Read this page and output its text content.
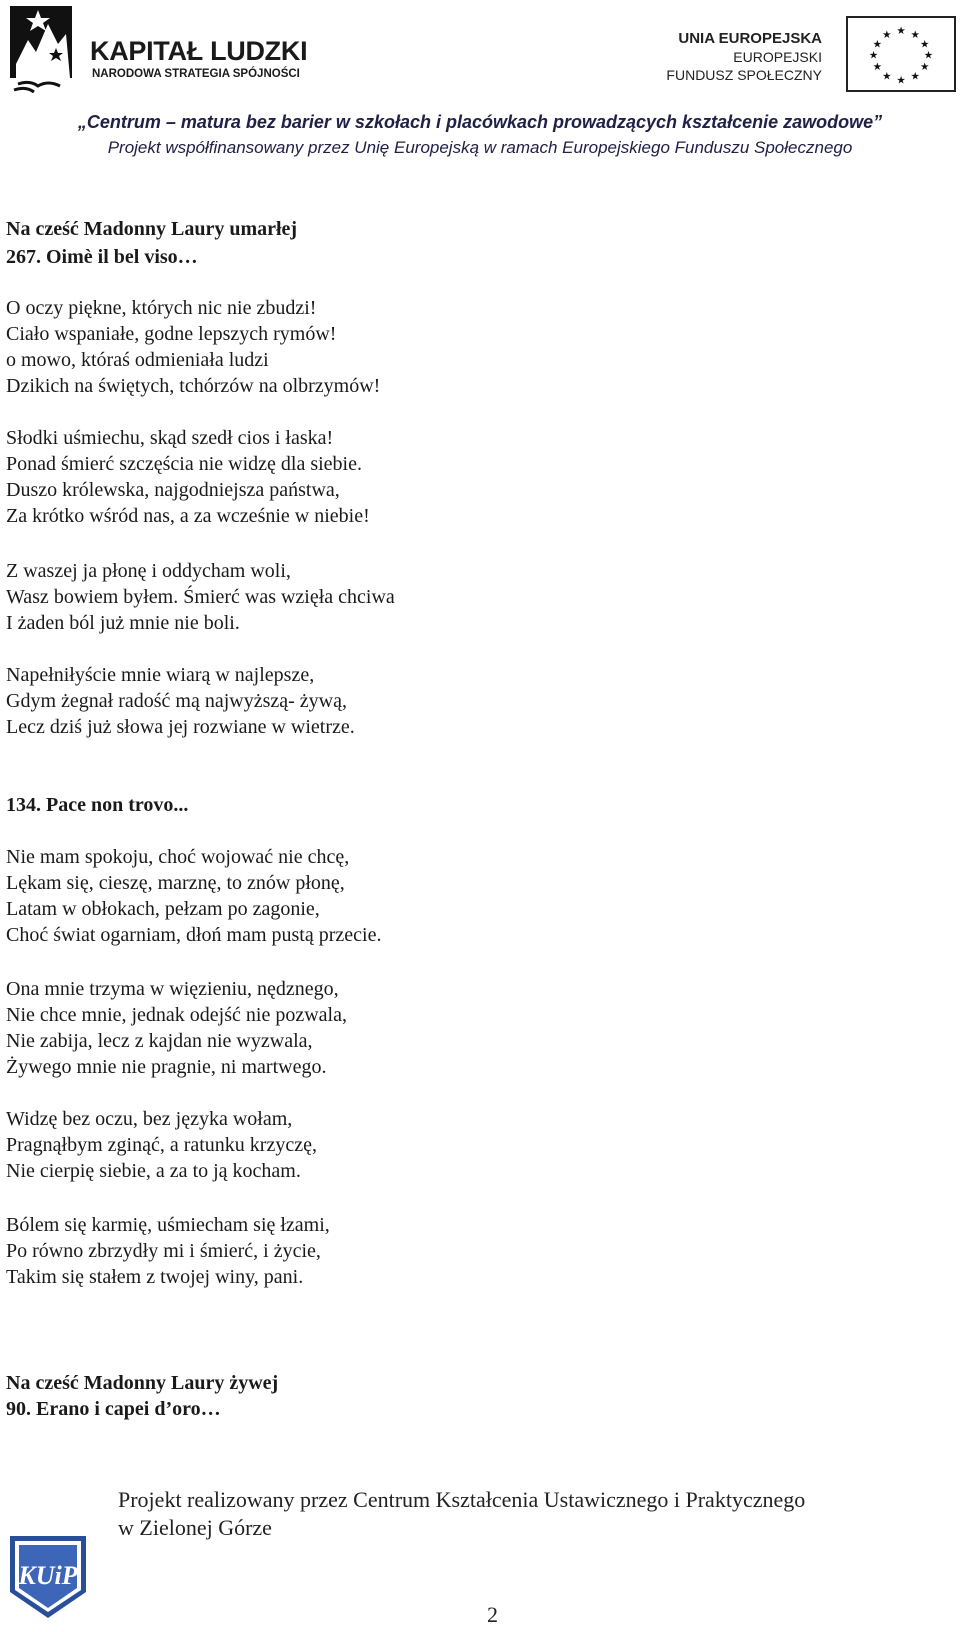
KAPITAŁ LUDZKI
NARODOWA STRATEGIA SPÓJNOŚCI
UNIA EUROPEJSKA
EUROPEJSKI
FUNDUSZ SPOŁECZNY
★ ★
★
★
★
★
★
★
★
★
★
★
„Centrum – matura bez barier w szkołach i placówkach prowadzących kształcenie zawodowe”
Projekt współfinansowany przez Unię Europejską w ramach Europejskiego Funduszu Społecznego
Na cześć Madonny Laury umarłej
267. Oimè il bel viso…
O oczy piękne, których nic nie zbudzi!
Ciało wspaniałe, godne lepszych rymów!
o mowo, któraś odmieniała ludzi
Dzikich na świętych, tchórzów na olbrzymów!
Słodki uśmiechu, skąd szedł cios i łaska!
Ponad śmierć szczęścia nie widzę dla siebie.
Duszo królewska, najgodniejsza państwa,
Za krótko wśród nas, a za wcześnie w niebie!
Z waszej ja płonę i oddycham woli,
Wasz bowiem byłem. Śmierć was wzięła chciwa
I żaden ból już mnie nie boli.
Napełniłyście mnie wiarą w najlepsze,
Gdym żegnał radość mą najwyższą- żywą,
Lecz dziś już słowa jej rozwiane w wietrze.
134. Pace non trovo...
Nie mam spokoju, choć wojować nie chcę,
Lękam się, cieszę, marznę, to znów płonę,
Latam w obłokach, pełzam po zagonie,
Choć świat ogarniam, dłoń mam pustą przecie.
Ona mnie trzyma w więzieniu, nędznego,
Nie chce mnie, jednak odejść nie pozwala,
Nie zabija, lecz z kajdan nie wyzwala,
Żywego mnie nie pragnie, ni martwego.
Widzę bez oczu, bez języka wołam,
Pragnąłbym zginąć, a ratunku krzyczę,
Nie cierpię siebie, a za to ją kocham.
Bólem się karmię, uśmiecham się łzami,
Po równo zbrzydły mi i śmierć, i życie,
Takim się stałem z twojej winy, pani.
Na cześć Madonny Laury żywej
90. Erano i capei d’oro…
KUiP
Projekt realizowany przez Centrum Kształcenia Ustawicznego i Praktycznego
w Zielonej Górze
2
